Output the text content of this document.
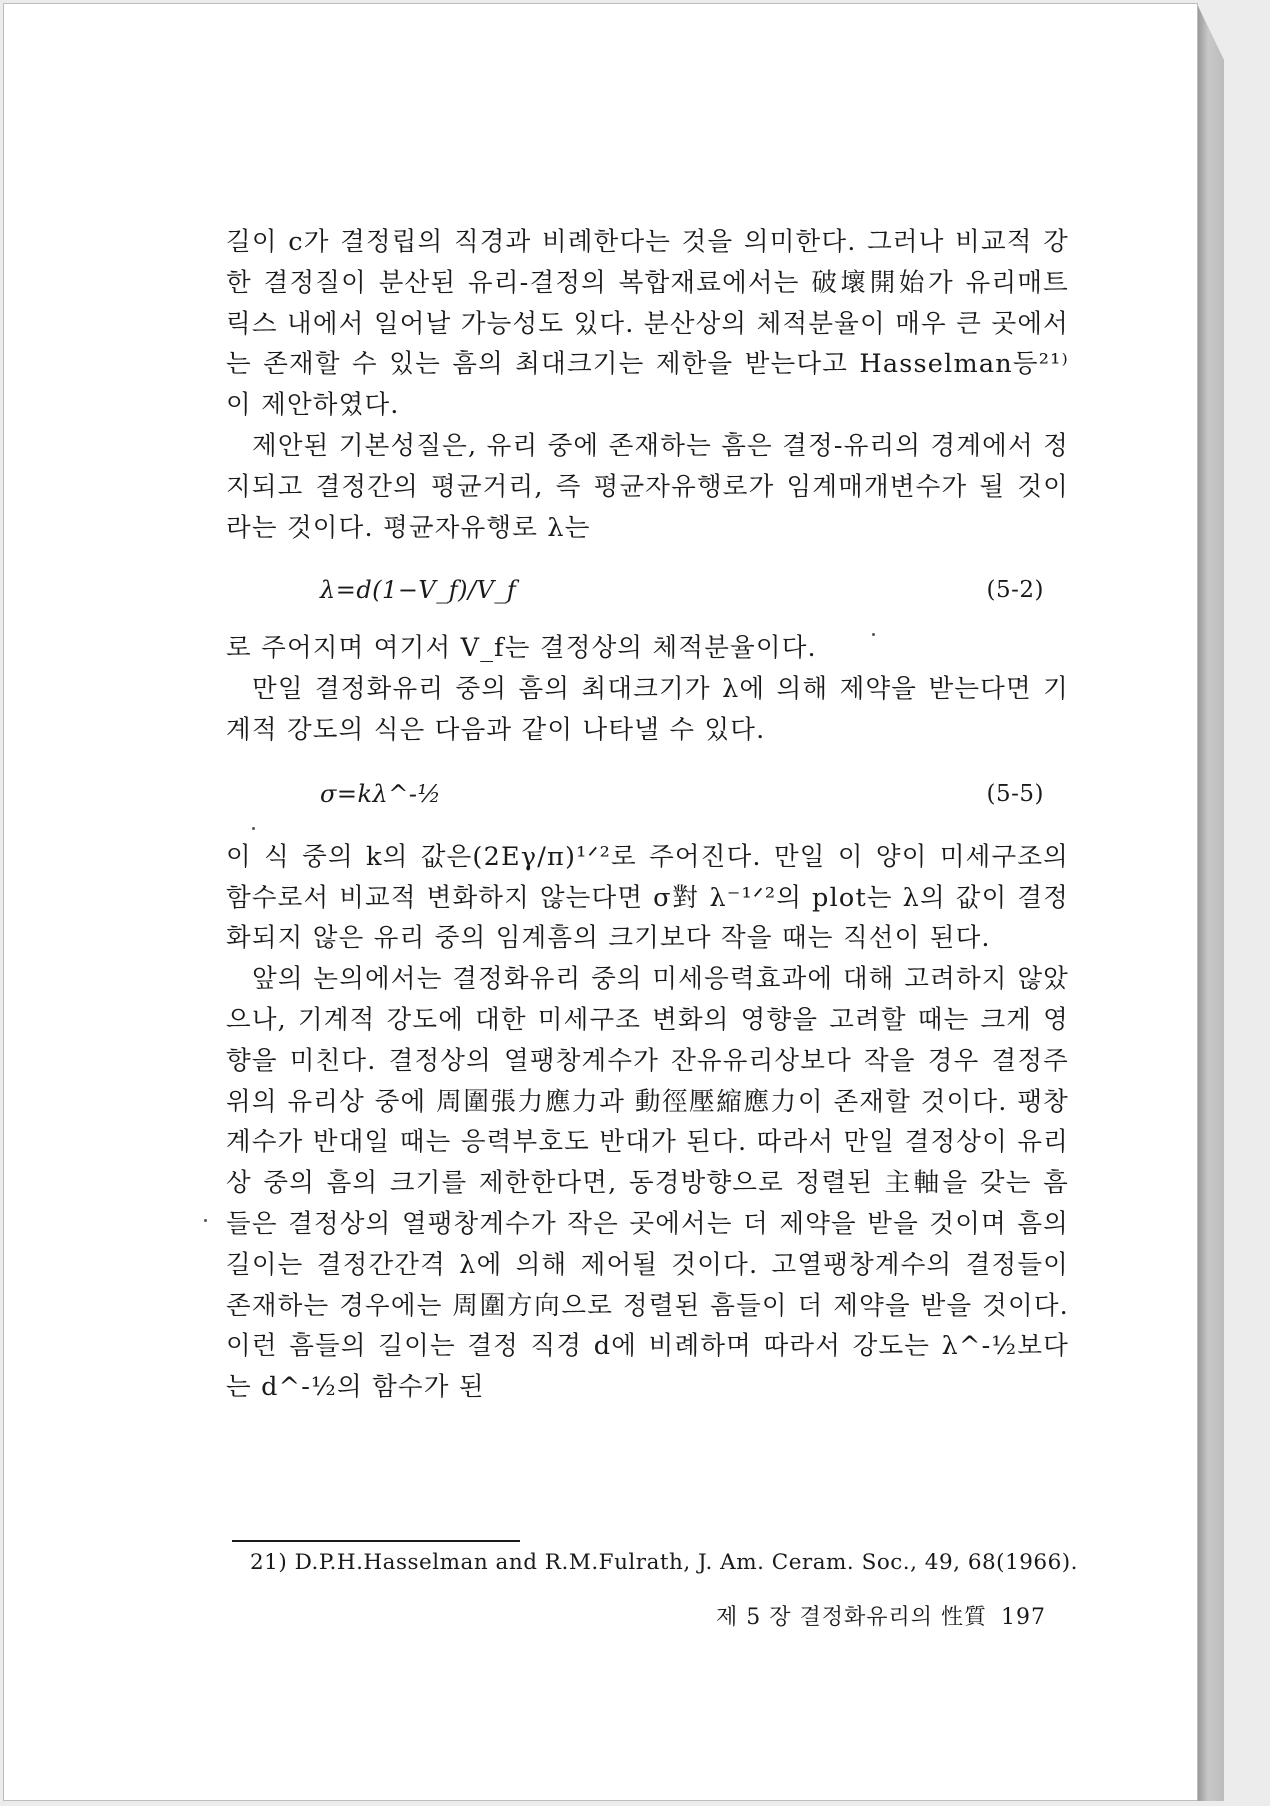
길이 c가 결정립의 직경과 비례한다는 것을 의미한다. 그러나 비교적 강한 결정질이 분산된 유리-결정의 복합재료에서는 破壞開始가 유리매트릭스 내에서 일어날 가능성도 있다. 분산상의 체적분율이 매우 큰 곳에서는 존재할 수 있는 흠의 최대크기는 제한을 받는다고 Hasselman등²¹⁾이 제안하였다.

제안된 기본성질은, 유리 중에 존재하는 흠은 결정-유리의 경계에서 정지되고 결정간의 평균거리, 즉 평균자유행로가 임계매개변수가 될 것이라는 것이다. 평균자유행로 λ는

λ=d(1−V_f)/V_f	(5-2)

로 주어지며 여기서 V_f는 결정상의 체적분율이다.

만일 결정화유리 중의 흠의 최대크기가 λ에 의해 제약을 받는다면 기계적 강도의 식은 다음과 같이 나타낼 수 있다.

σ=kλ^-½	(5-5)

이 식 중의 k의 값은(2Eγ/π)¹ᐟ²로 주어진다. 만일 이 양이 미세구조의 함수로서 비교적 변화하지 않는다면 σ對 λ⁻¹ᐟ²의 plot는 λ의 값이 결정화되지 않은 유리 중의 임계흠의 크기보다 작을 때는 직선이 된다.

앞의 논의에서는 결정화유리 중의 미세응력효과에 대해 고려하지 않았으나, 기계적 강도에 대한 미세구조 변화의 영향을 고려할 때는 크게 영향을 미친다. 결정상의 열팽창계수가 잔유유리상보다 작을 경우 결정주위의 유리상 중에 周圍張力應力과 動徑壓縮應力이 존재할 것이다. 팽창계수가 반대일 때는 응력부호도 반대가 된다. 따라서 만일 결정상이 유리상 중의 흠의 크기를 제한한다면, 동경방향으로 정렬된 主軸을 갖는 흠들은 결정상의 열팽창계수가 작은 곳에서는 더 제약을 받을 것이며 흠의 길이는 결정간간격 λ에 의해 제어될 것이다. 고열팽창계수의 결정들이 존재하는 경우에는 周圍方向으로 정렬된 흠들이 더 제약을 받을 것이다. 이런 흠들의 길이는 결정 직경 d에 비례하며 따라서 강도는 λ^-½보다는 d^-½의 함수가 된

21) D.P.H.Hasselman and R.M.Fulrath, J. Am. Ceram. Soc., 49, 68(1966).
제 5 장 결정화유리의 性質 197
